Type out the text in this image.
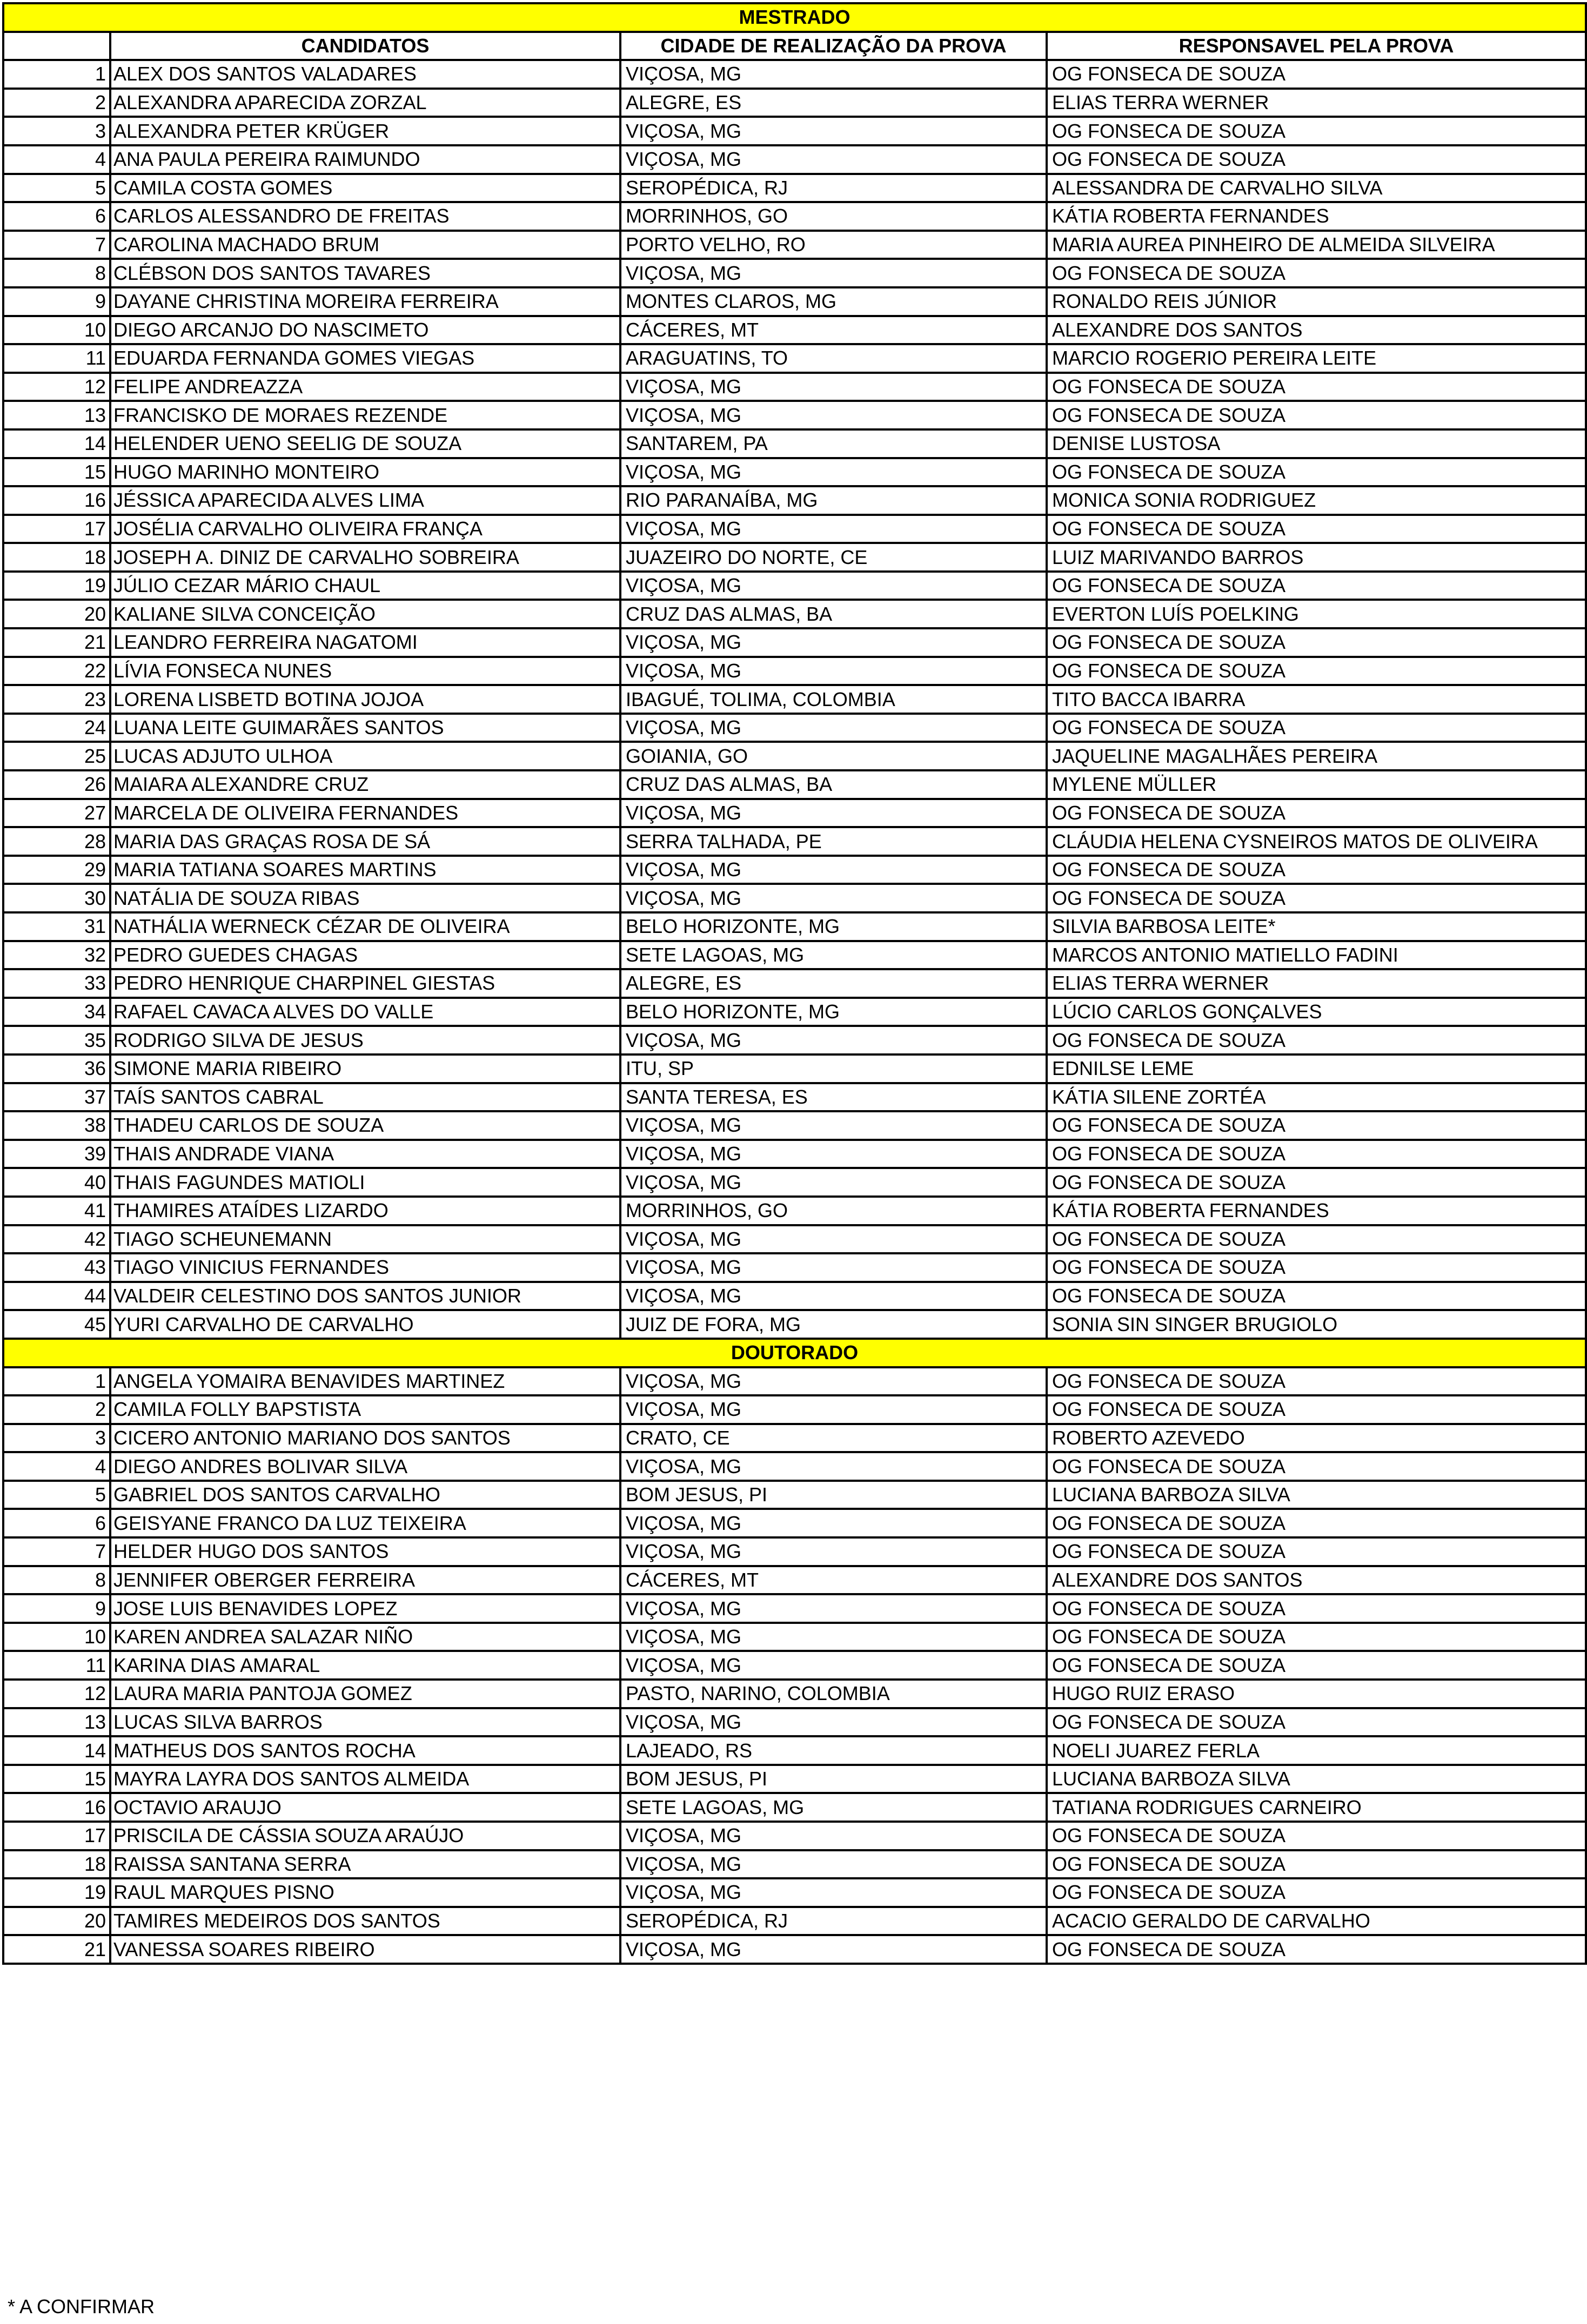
MESTRADO			
	CANDIDATOS	CIDADE DE REALIZAÇÃO DA PROVA	RESPONSAVEL PELA PROVA
1	ALEX DOS SANTOS VALADARES	VIÇOSA, MG	OG FONSECA DE SOUZA
2	ALEXANDRA APARECIDA ZORZAL	ALEGRE, ES	ELIAS TERRA WERNER
3	ALEXANDRA PETER KRÜGER	VIÇOSA, MG	OG FONSECA DE SOUZA
4	ANA PAULA PEREIRA RAIMUNDO	VIÇOSA, MG	OG FONSECA DE SOUZA
5	CAMILA COSTA GOMES	SEROPÉDICA, RJ	ALESSANDRA DE CARVALHO SILVA
6	CARLOS ALESSANDRO DE FREITAS	MORRINHOS, GO	KÁTIA ROBERTA FERNANDES
7	CAROLINA MACHADO BRUM	PORTO VELHO, RO	MARIA AUREA PINHEIRO DE ALMEIDA SILVEIRA
8	CLÉBSON DOS SANTOS TAVARES	VIÇOSA, MG	OG FONSECA DE SOUZA
9	DAYANE CHRISTINA MOREIRA FERREIRA	MONTES CLAROS, MG	RONALDO REIS JÚNIOR
10	DIEGO ARCANJO DO NASCIMETO	CÁCERES, MT	ALEXANDRE DOS SANTOS
11	EDUARDA FERNANDA GOMES VIEGAS	ARAGUATINS, TO	MARCIO ROGERIO PEREIRA LEITE
12	FELIPE ANDREAZZA	VIÇOSA, MG	OG FONSECA DE SOUZA
13	FRANCISKO DE MORAES REZENDE	VIÇOSA, MG	OG FONSECA DE SOUZA
14	HELENDER UENO SEELIG DE SOUZA	SANTAREM, PA	DENISE LUSTOSA
15	HUGO MARINHO MONTEIRO	VIÇOSA, MG	OG FONSECA DE SOUZA
16	JÉSSICA APARECIDA ALVES LIMA	RIO PARANAÍBA, MG	MONICA SONIA RODRIGUEZ
17	JOSÉLIA CARVALHO OLIVEIRA FRANÇA	VIÇOSA, MG	OG FONSECA DE SOUZA
18	JOSEPH A. DINIZ DE CARVALHO SOBREIRA	JUAZEIRO DO NORTE, CE	LUIZ MARIVANDO BARROS
19	JÚLIO CEZAR MÁRIO CHAUL	VIÇOSA, MG	OG FONSECA DE SOUZA
20	KALIANE SILVA CONCEIÇÃO	CRUZ DAS ALMAS, BA	EVERTON LUÍS POELKING
21	LEANDRO FERREIRA NAGATOMI	VIÇOSA, MG	OG FONSECA DE SOUZA
22	LÍVIA FONSECA NUNES	VIÇOSA, MG	OG FONSECA DE SOUZA
23	LORENA LISBETD BOTINA JOJOA	IBAGUÉ, TOLIMA, COLOMBIA	TITO BACCA IBARRA
24	LUANA LEITE GUIMARÃES SANTOS	VIÇOSA, MG	OG FONSECA DE SOUZA
25	LUCAS ADJUTO ULHOA	GOIANIA, GO	JAQUELINE MAGALHÃES PEREIRA
26	MAIARA ALEXANDRE CRUZ	CRUZ DAS ALMAS, BA	MYLENE MÜLLER
27	MARCELA DE OLIVEIRA FERNANDES	VIÇOSA, MG	OG FONSECA DE SOUZA
28	MARIA DAS GRAÇAS ROSA DE SÁ	SERRA TALHADA, PE	CLÁUDIA HELENA CYSNEIROS MATOS DE OLIVEIRA
29	MARIA TATIANA SOARES MARTINS	VIÇOSA, MG	OG FONSECA DE SOUZA
30	NATÁLIA DE SOUZA RIBAS	VIÇOSA, MG	OG FONSECA DE SOUZA
31	NATHÁLIA WERNECK CÉZAR DE OLIVEIRA	BELO HORIZONTE, MG	SILVIA BARBOSA LEITE*
32	PEDRO GUEDES CHAGAS	SETE LAGOAS, MG	MARCOS ANTONIO MATIELLO FADINI
33	PEDRO HENRIQUE CHARPINEL GIESTAS	ALEGRE, ES	ELIAS TERRA WERNER
34	RAFAEL CAVACA ALVES DO VALLE	BELO HORIZONTE, MG	LÚCIO CARLOS GONÇALVES
35	RODRIGO SILVA DE JESUS	VIÇOSA, MG	OG FONSECA DE SOUZA
36	SIMONE MARIA RIBEIRO	ITU, SP	EDNILSE LEME
37	TAÍS SANTOS CABRAL	SANTA TERESA, ES	KÁTIA SILENE ZORTÉA
38	THADEU CARLOS DE SOUZA	VIÇOSA, MG	OG FONSECA DE SOUZA
39	THAIS ANDRADE VIANA	VIÇOSA, MG	OG FONSECA DE SOUZA
40	THAIS FAGUNDES MATIOLI	VIÇOSA, MG	OG FONSECA DE SOUZA
41	THAMIRES ATAÍDES LIZARDO	MORRINHOS, GO	KÁTIA ROBERTA FERNANDES
42	TIAGO SCHEUNEMANN	VIÇOSA, MG	OG FONSECA DE SOUZA
43	TIAGO VINICIUS FERNANDES	VIÇOSA, MG	OG FONSECA DE SOUZA
44	VALDEIR CELESTINO DOS SANTOS JUNIOR	VIÇOSA, MG	OG FONSECA DE SOUZA
45	YURI CARVALHO DE CARVALHO	JUIZ DE FORA, MG	SONIA SIN SINGER BRUGIOLO
DOUTORADO			
1	ANGELA YOMAIRA BENAVIDES MARTINEZ	VIÇOSA, MG	OG FONSECA DE SOUZA
2	CAMILA FOLLY BAPSTISTA	VIÇOSA, MG	OG FONSECA DE SOUZA
3	CICERO ANTONIO MARIANO DOS SANTOS	CRATO, CE	ROBERTO AZEVEDO
4	DIEGO ANDRES BOLIVAR SILVA	VIÇOSA, MG	OG FONSECA DE SOUZA
5	GABRIEL DOS SANTOS CARVALHO	BOM JESUS, PI	LUCIANA BARBOZA SILVA
6	GEISYANE FRANCO DA LUZ TEIXEIRA	VIÇOSA, MG	OG FONSECA DE SOUZA
7	HELDER HUGO DOS SANTOS	VIÇOSA, MG	OG FONSECA DE SOUZA
8	JENNIFER OBERGER FERREIRA	CÁCERES, MT	ALEXANDRE DOS SANTOS
9	JOSE LUIS BENAVIDES LOPEZ	VIÇOSA, MG	OG FONSECA DE SOUZA
10	KAREN ANDREA SALAZAR NIÑO	VIÇOSA, MG	OG FONSECA DE SOUZA
11	KARINA DIAS AMARAL	VIÇOSA, MG	OG FONSECA DE SOUZA
12	LAURA MARIA PANTOJA GOMEZ	PASTO, NARINO, COLOMBIA	HUGO RUIZ ERASO
13	LUCAS SILVA BARROS	VIÇOSA, MG	OG FONSECA DE SOUZA
14	MATHEUS DOS SANTOS ROCHA	LAJEADO, RS	NOELI JUAREZ FERLA
15	MAYRA LAYRA DOS SANTOS ALMEIDA	BOM JESUS, PI	LUCIANA BARBOZA SILVA
16	OCTAVIO ARAUJO	SETE LAGOAS, MG	TATIANA RODRIGUES CARNEIRO
17	PRISCILA DE CÁSSIA SOUZA ARAÚJO	VIÇOSA, MG	OG FONSECA DE SOUZA
18	RAISSA SANTANA SERRA	VIÇOSA, MG	OG FONSECA DE SOUZA
19	RAUL MARQUES PISNO	VIÇOSA, MG	OG FONSECA DE SOUZA
20	TAMIRES MEDEIROS DOS SANTOS	SEROPÉDICA, RJ	ACACIO GERALDO DE CARVALHO
21	VANESSA SOARES RIBEIRO	VIÇOSA, MG	OG FONSECA DE SOUZA
* A CONFIRMAR
